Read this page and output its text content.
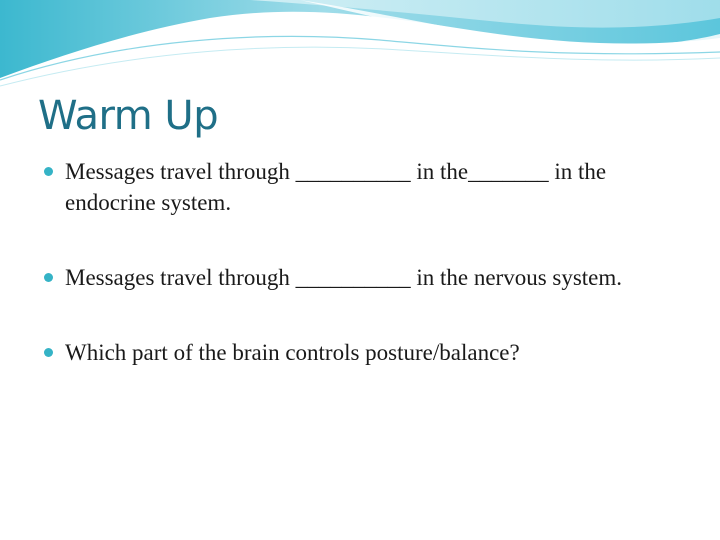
Warm Up
Messages travel through __________ in the_______ in the endocrine system.
Messages travel through __________ in the nervous system.
Which part of the brain controls posture/balance?
